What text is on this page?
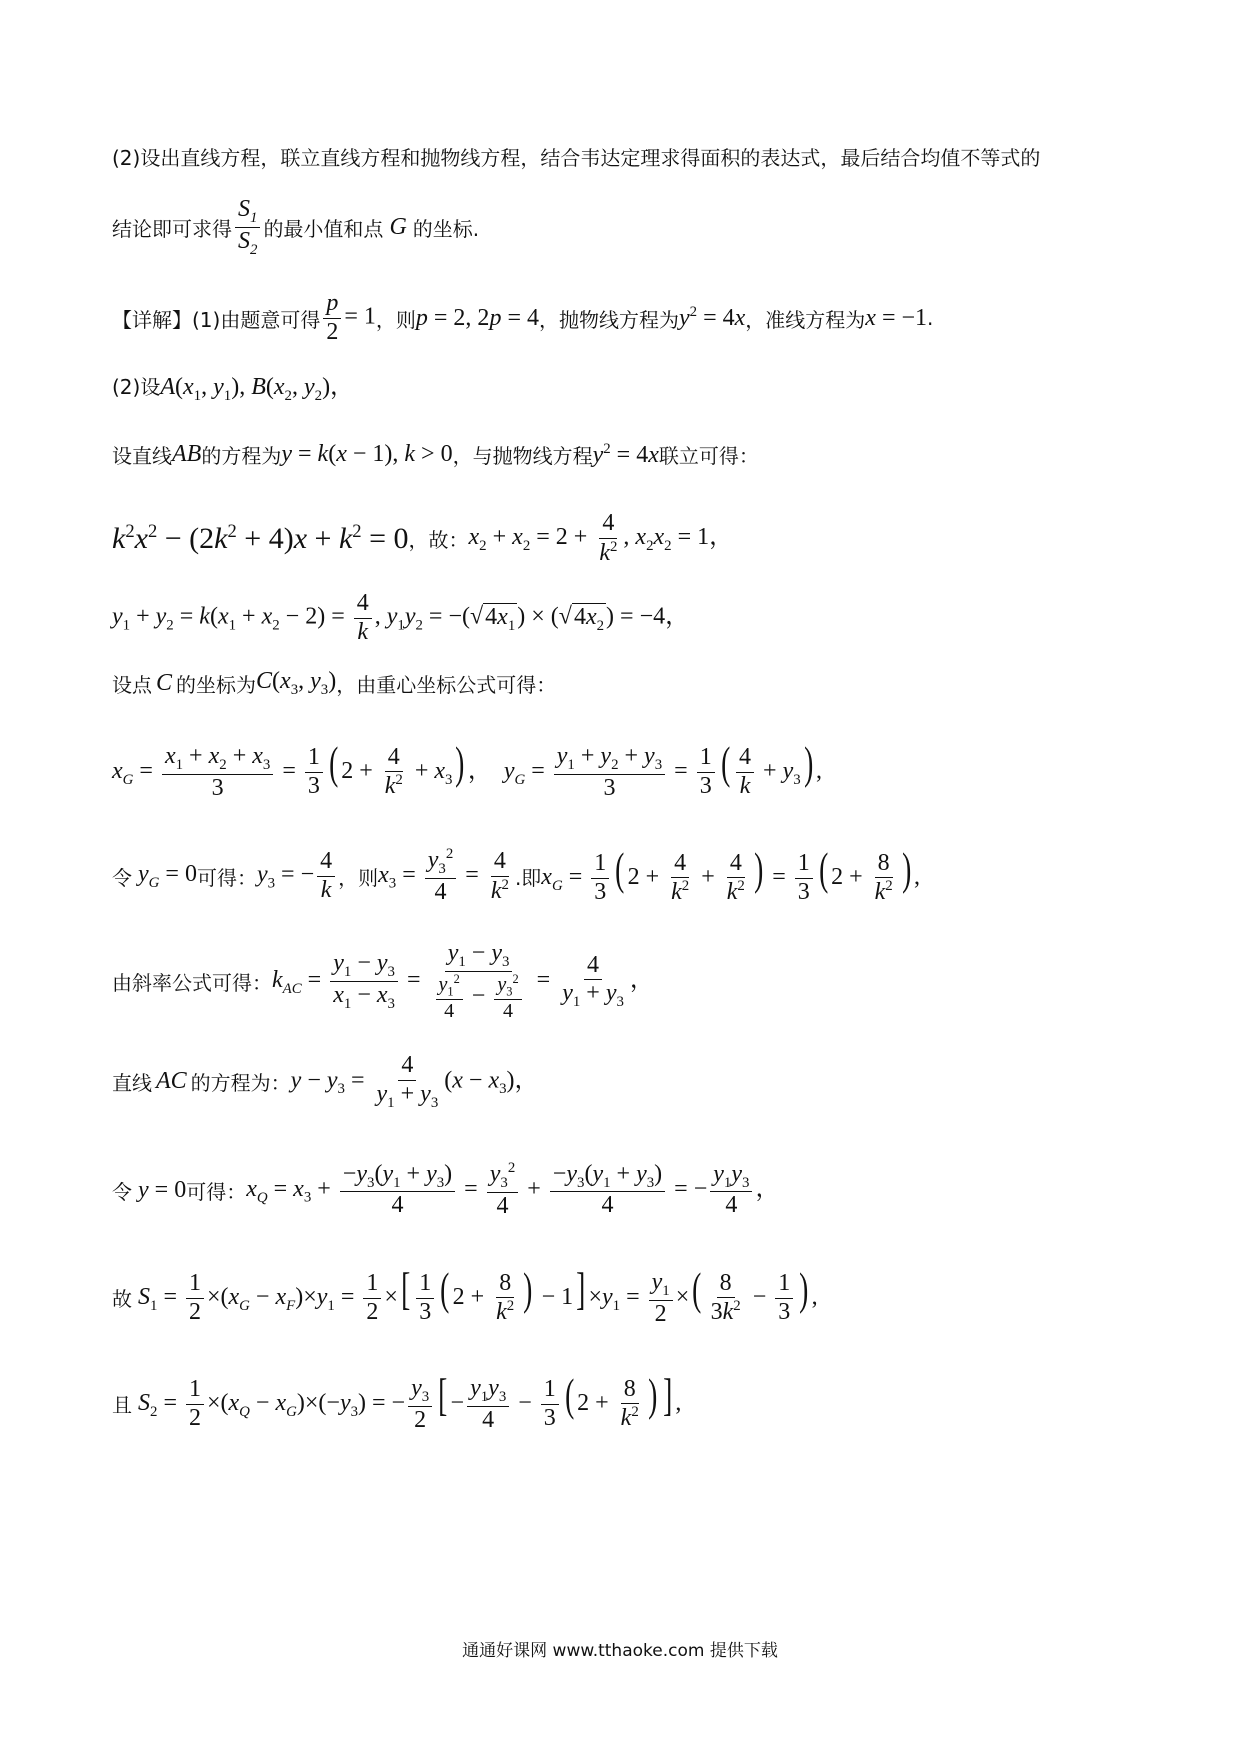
(2)设出直线方程，联立直线方程和抛物线方程，结合韦达定理求得面积的表达式，最后结合均值不等式的
结论即可求得 $\frac{S_1}{S_2}$ 的最小值和点 G 的坐标.
【详解】 (1)由题意可得 $\frac{p}{2} = 1$ ，则 p = 2, 2p = 4 ，抛物线方程为 $y^2 = 4x$ ，准线方程为 x = −1 .
(2)设 $A(x_1$, $y_1$), $B(x_2$, $y_2$)，
设直线 AB 的方程为 y = k(x − 1), k > 0 ，与抛物线方程 $y^2 = 4x$ 联立可得：
$k^2x^2 - (2k^2 + 4)x + k^2 = 0$ ，故： $x_2 + x_2 = 2 + \frac{4}{k^2}$ , $x_2x_2 = 1$，
$y_1 + y_2 = k(x_1 + x_2 - 2) = \frac{4}{k}$ , $y_1y_2 = -(√4x_1) \times (√4x_2) = -4$，
设点 C 的坐标为 $C(x_3$, $y_3$) ，由重心坐标公式可得：
$x_G = \frac{x_1 + x_2 + x_3}{3} = \frac{1}{3}$ ( $2 + \frac{4}{k^2} + x_3$) ，  $y_G = \frac{y_1 + y_2 + y_3}{3} = \frac{1}{3}$ ( $\frac{4}{k} + y_3$) ,
令 $y_G = 0$ 可得： $y_3$ = − $\frac{4}{k}$ ，则 $x_3 = \frac{y_3^2}{4} = \frac{4}{k^2}$ .即 $x_G = \frac{1}{3}$ ( $2 + \frac{4}{k^2} + \frac{4}{k^2}$ ) = $\frac{1}{3}$ ( $2 + \frac{8}{k^2}$ ) ,
由斜率公式可得： $k_{AC} = \frac{y_1 - y_3}{x_1 - x_3} = \frac{y_1 - y_3}{\frac{y_1^2}{4} - \frac{y_3^2}{4}} = \frac{4}{y_1 + y_3}$ ，
直线 AC 的方程为： $y - y_3 = \frac{4}{y_1 + y_3} (x - x_3)$，
令 y = 0 可得： $x_Q = x_3 + \frac{-y_3(y_1 + y_3)}{4} = \frac{y_3^2}{4} + \frac{-y_3(y_1 + y_3)}{4}$ = − $\frac{y_1y_3}{4}$ ，
故 $S_1 = \frac{1}{2} \times(x_G - x_F)\times y_1 = \frac{1}{2}$ ×[ $\frac{1}{3}$ ( $2 + \frac{8}{k^2}$ ) − $1] \times y_1 = \frac{y_1}{2}$ ×( $\frac{8}{3k^2} - \frac{1}{3}$ ) ,
且 $S_2 = \frac{1}{2} \times(x_Q - x_G)\times(-y_3)$ = − $\frac{y_3}{2}$ [ − $\frac{y_1y_3}{4} - \frac{1}{3}$ ( $2 + \frac{8}{k^2}$ ) ] ,
通通好课网 www.tthaoke.com 提供下载
